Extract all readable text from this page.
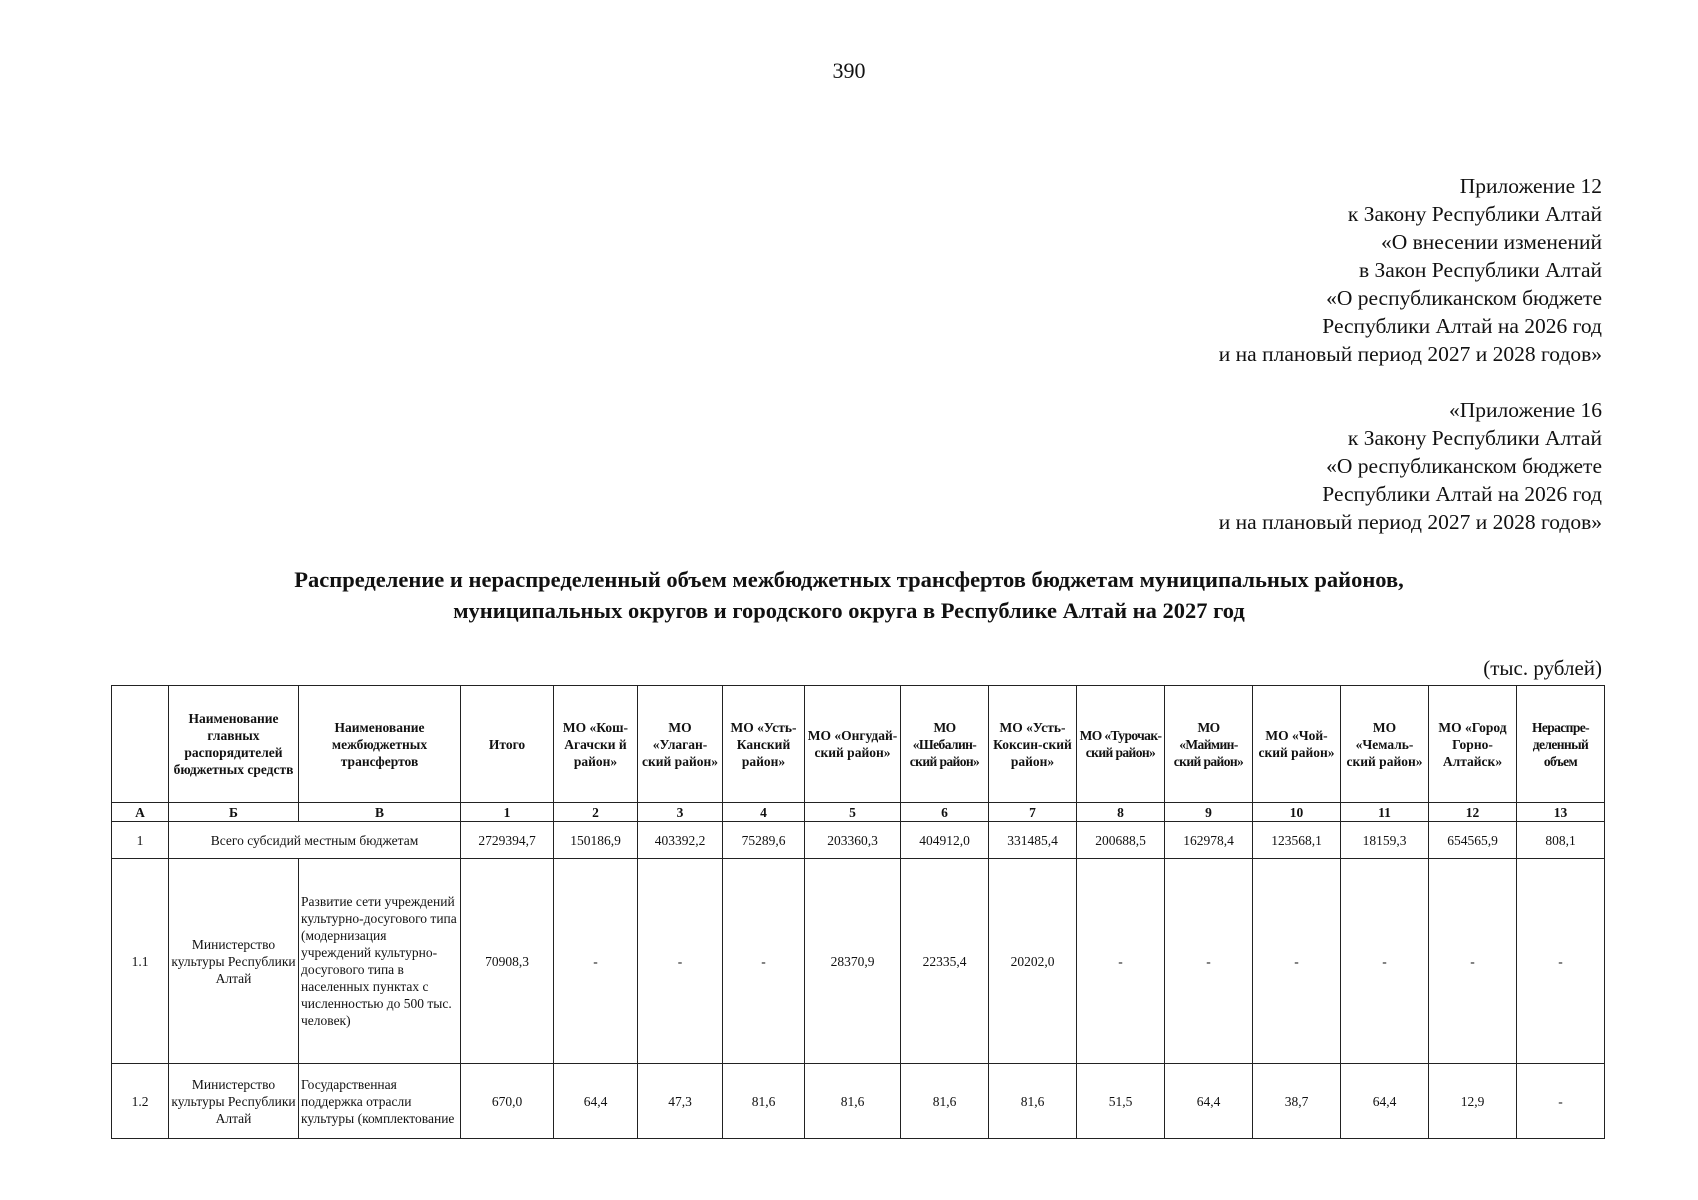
390
Приложение 12
к Закону Республики Алтай
«О внесении изменений
в Закон Республики Алтай
«О республиканском бюджете
Республики Алтай на 2026 год
и на плановый период 2027 и 2028 годов»
«Приложение 16
к Закону Республики Алтай
«О республиканском бюджете
Республики Алтай на 2026 год
и на плановый период 2027 и 2028 годов»
Распределение и нераспределенный объем межбюджетных трансфертов бюджетам муниципальных районов,
муниципальных округов и городского округа в Республике Алтай на 2027 год
(тыс. рублей)
	Наименование главных распорядителей бюджетных средств	Наименование межбюджетных трансфертов	Итого	МО «Кош-Агачски й район»	МО «Улаган-ский район»	МО «Усть-Канский район»	МО «Онгудай-ский район»	МО «Шебалин-ский район»	МО «Усть-Коксин-ский район»	МО «Турочак-ский район»	МО «Маймин-ский район»	МО «Чой-ский район»	МО «Чемаль-ский район»	МО «Город Горно-Алтайск»	Нераспре-деленный объем
А	Б	В	1	2	3	4	5	6	7	8	9	10	11	12	13
1	Всего субсидий местным бюджетам		2729394,7	150186,9	403392,2	75289,6	203360,3	404912,0	331485,4	200688,5	162978,4	123568,1	18159,3	654565,9	808,1
1.1	Министерство культуры Республики Алтай	Развитие сети учреждений культурно-досугового типа (модернизация учреждений культурно-досугового типа в населенных пунктах с численностью до 500 тыс. человек)	70908,3	-	-	-	28370,9	22335,4	20202,0	-	-	-	-	-	-
1.2	Министерство культуры Республики Алтай	Государственная поддержка отрасли культуры (комплектование	670,0	64,4	47,3	81,6	81,6	81,6	81,6	51,5	64,4	38,7	64,4	12,9	-
